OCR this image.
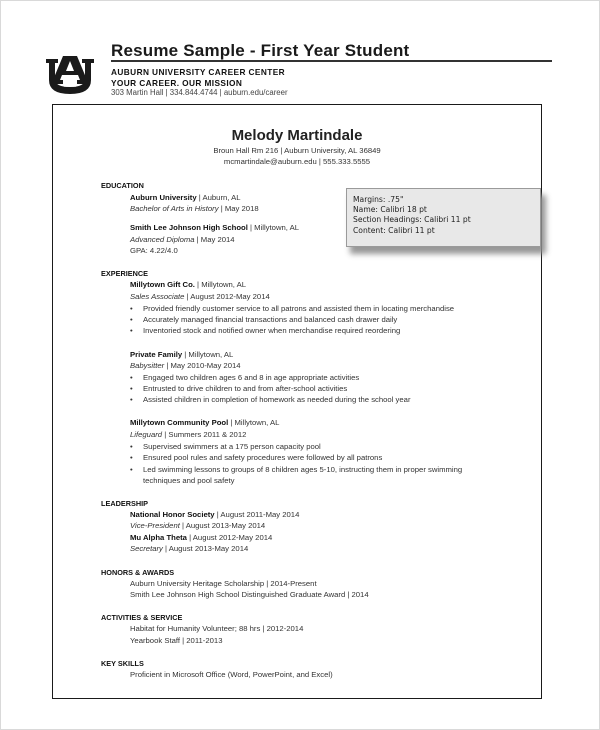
Resume Sample - First Year Student
AUBURN UNIVERSITY CAREER CENTER
YOUR CAREER. OUR MISSION
303 Martin Hall | 334.844.4744 | auburn.edu/career
Melody Martindale
Broun Hall Rm 216 | Auburn University, AL 36849
mcmartindale@auburn.edu | 555.333.5555
EDUCATION
Auburn University | Auburn, AL
Bachelor of Arts in History | May 2018
Smith Lee Johnson High School | Millytown, AL
Advanced Diploma | May 2014
GPA: 4.22/4.0
EXPERIENCE
Millytown Gift Co. | Millytown, AL
Sales Associate | August 2012-May 2014
• Provided friendly customer service to all patrons and assisted them in locating merchandise
• Accurately managed financial transactions and balanced cash drawer daily
• Inventoried stock and notified owner when merchandise required reordering
Private Family | Millytown, AL
Babysitter | May 2010-May 2014
• Engaged two children ages 6 and 8 in age appropriate activities
• Entrusted to drive children to and from after-school activities
• Assisted children in completion of homework as needed during the school year
Millytown Community Pool | Millytown, AL
Lifeguard | Summers 2011 & 2012
• Supervised swimmers at a 175 person capacity pool
• Ensured pool rules and safety procedures were followed by all patrons
• Led swimming lessons to groups of 8 children ages 5-10, instructing them in proper swimming techniques and pool safety
LEADERSHIP
National Honor Society | August 2011-May 2014
Vice-President | August 2013-May 2014
Mu Alpha Theta | August 2012-May 2014
Secretary | August 2013-May 2014
HONORS & AWARDS
Auburn University Heritage Scholarship | 2014-Present
Smith Lee Johnson High School Distinguished Graduate Award | 2014
ACTIVITIES & SERVICE
Habitat for Humanity Volunteer; 88 hrs | 2012-2014
Yearbook Staff | 2011-2013
KEY SKILLS
Proficient in Microsoft Office (Word, PowerPoint, and Excel)
Margins: .75"
Name: Calibri 18 pt
Section Headings: Calibri 11 pt
Content: Calibri 11 pt
